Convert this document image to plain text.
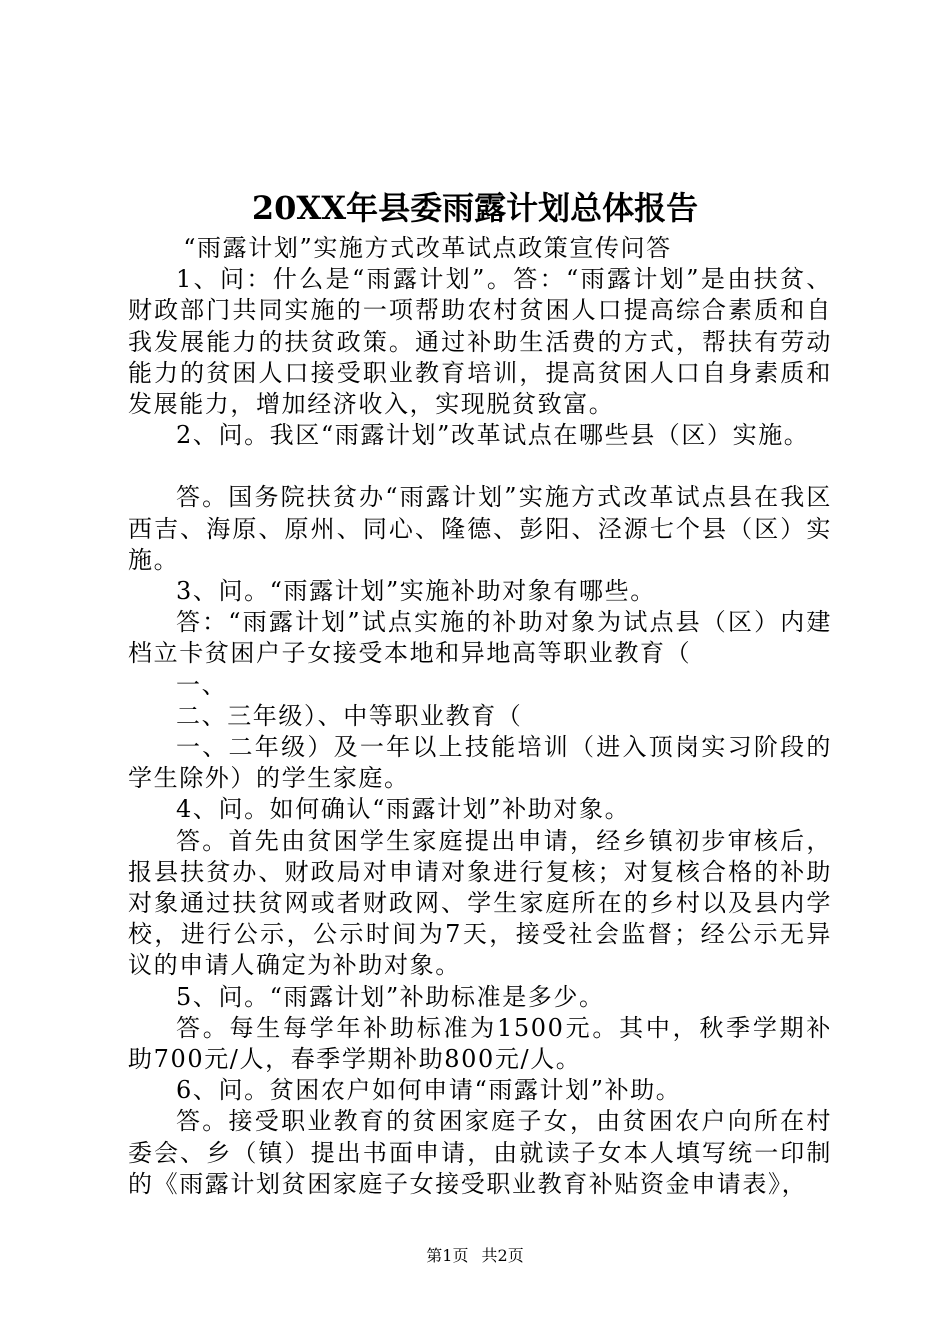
20XX年县委雨露计划总体报告

“雨露计划”实施方式改革试点政策宣传问答

1、问：什么是“雨露计划”。答：“雨露计划”是由扶贫、财政部门共同实施的一项帮助农村贫困人口提高综合素质和自我发展能力的扶贫政策。通过补助生活费的方式，帮扶有劳动能力的贫困人口接受职业教育培训，提高贫困人口自身素质和发展能力，增加经济收入，实现脱贫致富。

2、问。我区“雨露计划”改革试点在哪些县（区）实施。

答。国务院扶贫办“雨露计划”实施方式改革试点县在我区西吉、海原、原州、同心、隆德、彭阳、泾源七个县（区）实施。

3、问。“雨露计划”实施补助对象有哪些。

答：“雨露计划”试点实施的补助对象为试点县（区）内建档立卡贫困户子女接受本地和异地高等职业教育（

一、

二、三年级）、中等职业教育（

一、二年级）及一年以上技能培训（进入顶岗实习阶段的学生除外）的学生家庭。

4、问。如何确认“雨露计划”补助对象。

答。首先由贫困学生家庭提出申请，经乡镇初步审核后，报县扶贫办、财政局对申请对象进行复核；对复核合格的补助对象通过扶贫网或者财政网、学生家庭所在的乡村以及县内学校，进行公示，公示时间为7天，接受社会监督；经公示无异议的申请人确定为补助对象。

5、问。“雨露计划”补助标准是多少。

答。每生每学年补助标准为1500元。其中，秋季学期补助700元/人，春季学期补助800元/人。

6、问。贫困农户如何申请“雨露计划”补助。

答。接受职业教育的贫困家庭子女，由贫困农户向所在村委会、乡（镇）提出书面申请，由就读子女本人填写统一印制的《雨露计划贫困家庭子女接受职业教育补贴资金申请表》，

第1页 共2页
